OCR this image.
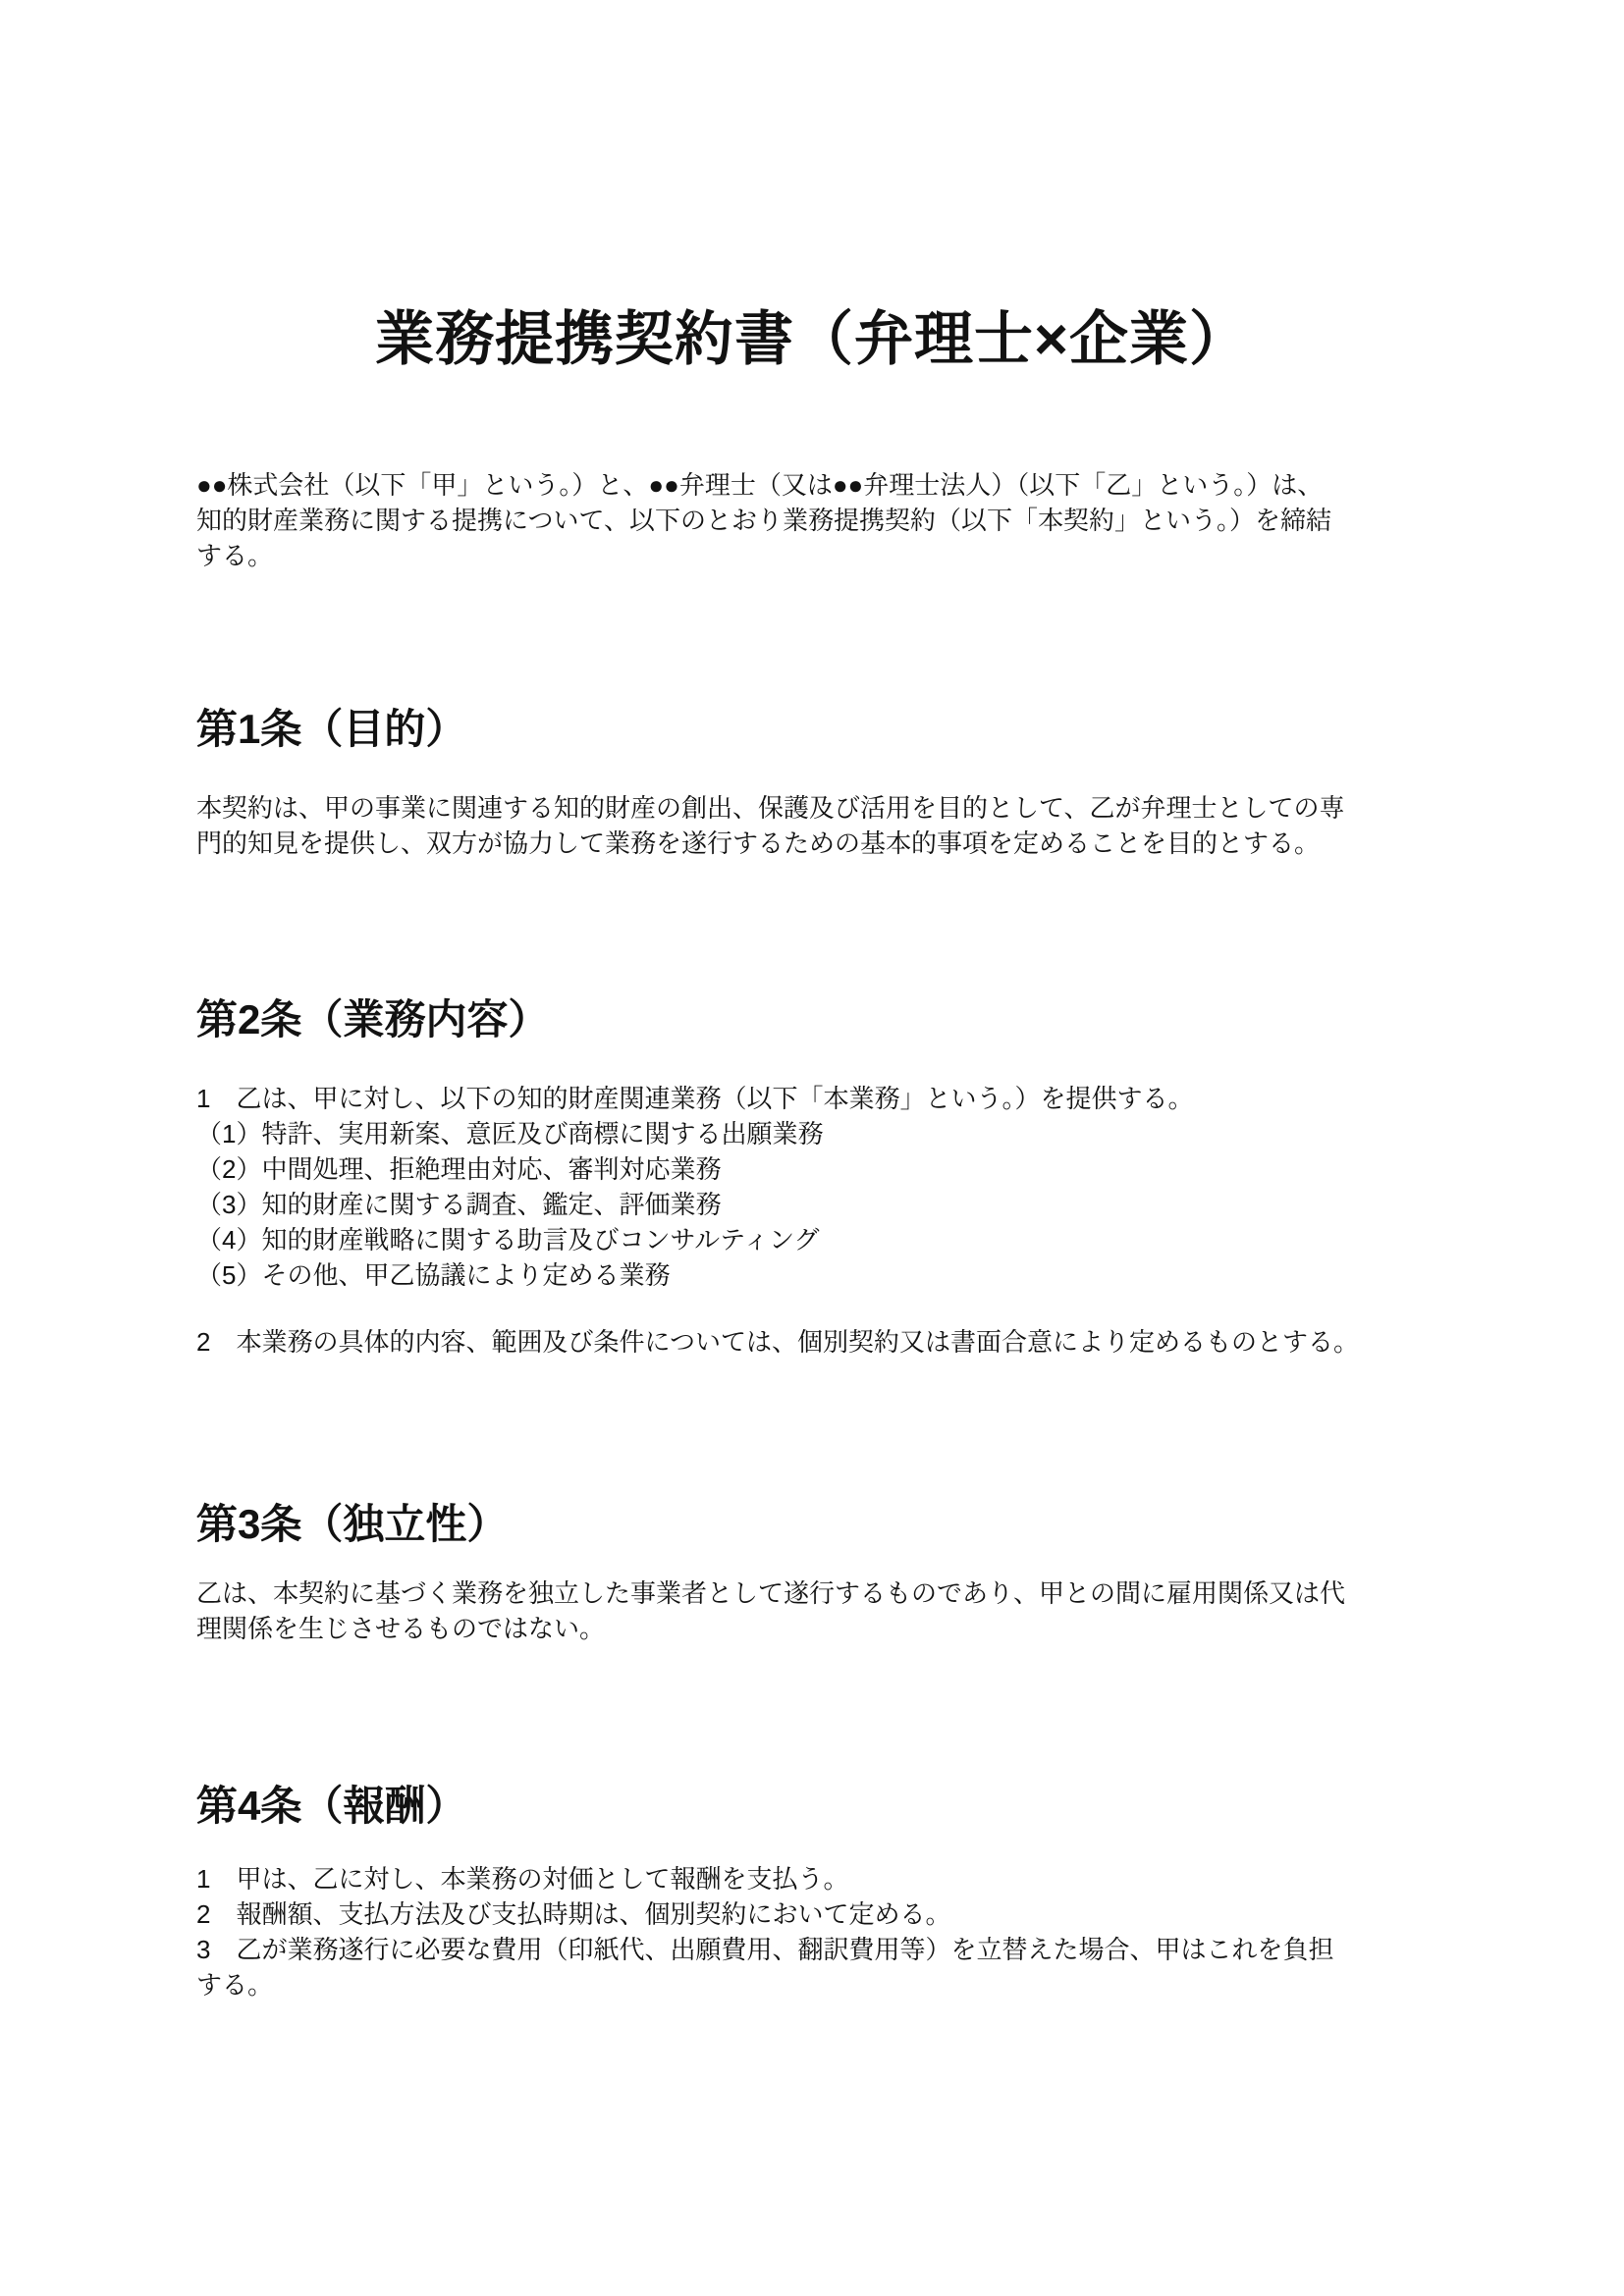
業務提携契約書（弁理士×企業）

●●株式会社（以下「甲」という。）と、●●弁理士（又は●●弁理士法人）（以下「乙」という。）は、
知的財産業務に関する提携について、以下のとおり業務提携契約（以下「本契約」という。）を締結
する。

第1条（目的）

本契約は、甲の事業に関連する知的財産の創出、保護及び活用を目的として、乙が弁理士としての専
門的知見を提供し、双方が協力して業務を遂行するための基本的事項を定めることを目的とする。

第2条（業務内容）

1　乙は、甲に対し、以下の知的財産関連業務（以下「本業務」という。）を提供する。

（1）特許、実用新案、意匠及び商標に関する出願業務
（2）中間処理、拒絶理由対応、審判対応業務
（3）知的財産に関する調査、鑑定、評価業務
（4）知的財産戦略に関する助言及びコンサルティング
（5）その他、甲乙協議により定める業務

2　本業務の具体的内容、範囲及び条件については、個別契約又は書面合意により定めるものとする。

第3条（独立性）

乙は、本契約に基づく業務を独立した事業者として遂行するものであり、甲との間に雇用関係又は代
理関係を生じさせるものではない。

第4条（報酬）

1　甲は、乙に対し、本業務の対価として報酬を支払う。
2　報酬額、支払方法及び支払時期は、個別契約において定める。
3　乙が業務遂行に必要な費用（印紙代、出願費用、翻訳費用等）を立替えた場合、甲はこれを負担
する。
